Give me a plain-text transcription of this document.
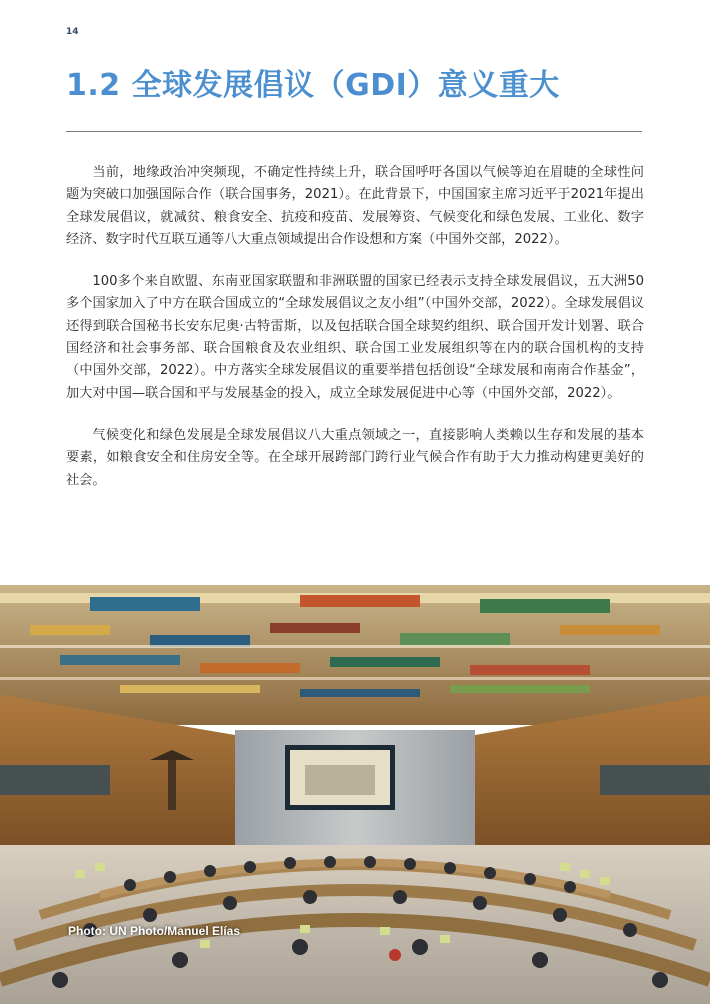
14
1.2 全球发展倡议（GDI）意义重大

当前，地缘政治冲突频现，不确定性持续上升，联合国呼吁各国以气候等迫在眉睫的全球性问题为突破口加强国际合作（联合国事务，2021）。在此背景下，中国国家主席习近平于2021年提出全球发展倡议，就减贫、粮食安全、抗疫和疫苗、发展筹资、气候变化和绿色发展、工业化、数字经济、数字时代互联互通等八大重点领域提出合作设想和方案（中国外交部，2022）。

100多个来自欧盟、东南亚国家联盟和非洲联盟的国家已经表示支持全球发展倡议，五大洲50多个国家加入了中方在联合国成立的“全球发展倡议之友小组”（中国外交部，2022）。全球发展倡议还得到联合国秘书长安东尼奥·古特雷斯，以及包括联合国全球契约组织、联合国开发计划署、联合国经济和社会事务部、联合国粮食及农业组织、联合国工业发展组织等在内的联合国机构的支持（中国外交部，2022）。中方落实全球发展倡议的重要举措包括创设“全球发展和南南合作基金”，加大对中国—联合国和平与发展基金的投入，成立全球发展促进中心等（中国外交部，2022）。

气候变化和绿色发展是全球发展倡议八大重点领域之一，直接影响人类赖以生存和发展的基本要素，如粮食安全和住房安全等。在全球开展跨部门跨行业气候合作有助于大力推动构建更美好的社会。

Photo: UN Photo/Manuel Elías
